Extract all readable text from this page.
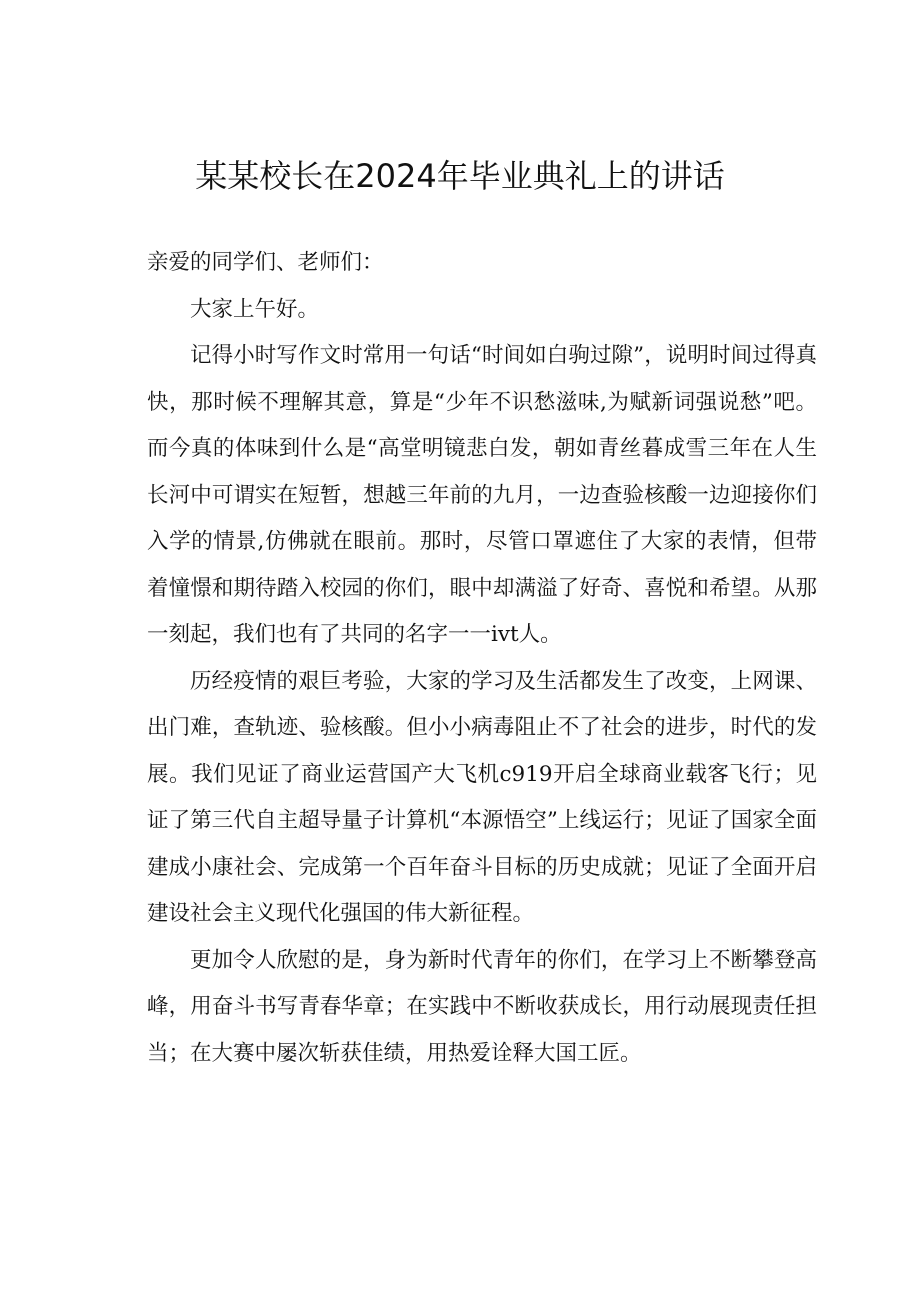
某某校长在2024年毕业典礼上的讲话

亲爱的同学们、老师们：

大家上午好。

记得小时写作文时常用一句话“时间如白驹过隙”，说明时间过得真快，那时候不理解其意，算是“少年不识愁滋味,为赋新词强说愁”吧。而今真的体味到什么是“高堂明镜悲白发，朝如青丝暮成雪三年在人生长河中可谓实在短暂，想越三年前的九月，一边查验核酸一边迎接你们入学的情景,仿佛就在眼前。那时，尽管口罩遮住了大家的表情，但带着憧憬和期待踏入校园的你们，眼中却满溢了好奇、喜悦和希望。从那一刻起，我们也有了共同的名字一一ivt人。

历经疫情的艰巨考验，大家的学习及生活都发生了改变，上网课、出门难，查轨迹、验核酸。但小小病毒阻止不了社会的进步，时代的发展。我们见证了商业运营国产大飞机c919开启全球商业载客飞行；见证了第三代自主超导量子计算机“本源悟空”上线运行；见证了国家全面建成小康社会、完成第一个百年奋斗目标的历史成就；见证了全面开启建设社会主义现代化强国的伟大新征程。

更加令人欣慰的是，身为新时代青年的你们，在学习上不断攀登高峰，用奋斗书写青春华章；在实践中不断收获成长，用行动展现责任担当；在大赛中屡次斩获佳绩，用热爱诠释大国工匠。
